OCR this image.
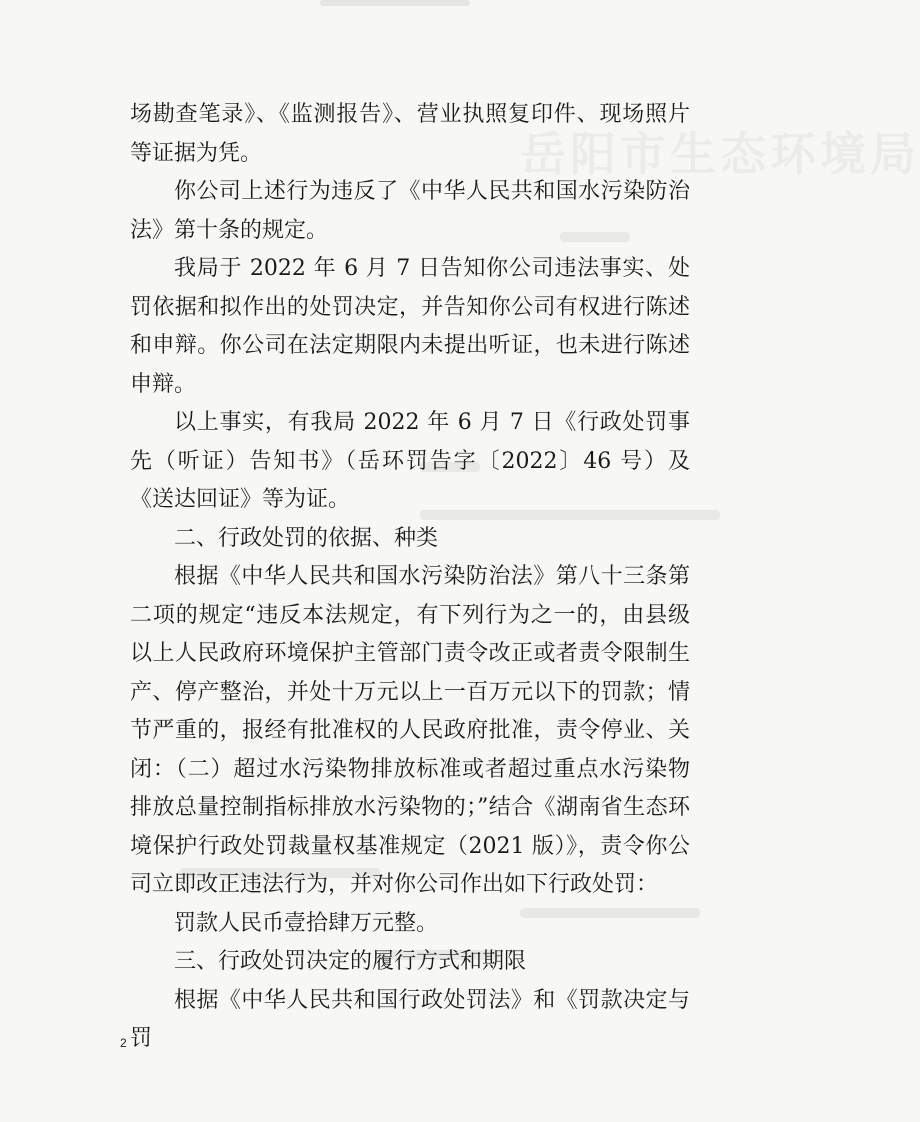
岳阳市生态环境局

场勘查笔录》、《监测报告》、营业执照复印件、现场照片等证据为凭。

你公司上述行为违反了《中华人民共和国水污染防治法》第十条的规定。

我局于 2022 年 6 月 7 日告知你公司违法事实、处罚依据和拟作出的处罚决定，并告知你公司有权进行陈述和申辩。你公司在法定期限内未提出听证，也未进行陈述申辩。

以上事实，有我局 2022 年 6 月 7 日《行政处罚事先（听证）告知书》（岳环罚告字〔2022〕46 号）及《送达回证》等为证。

二、行政处罚的依据、种类

根据《中华人民共和国水污染防治法》第八十三条第二项的规定“违反本法规定，有下列行为之一的，由县级以上人民政府环境保护主管部门责令改正或者责令限制生产、停产整治，并处十万元以上一百万元以下的罚款；情节严重的，报经有批准权的人民政府批准，责令停业、关闭：（二）超过水污染物排放标准或者超过重点水污染物排放总量控制指标排放水污染物的；”结合《湖南省生态环境保护行政处罚裁量权基准规定（2021 版）》，责令你公司立即改正违法行为，并对你公司作出如下行政处罚：

罚款人民币壹拾肆万元整。

三、行政处罚决定的履行方式和期限

根据《中华人民共和国行政处罚法》和《罚款决定与罚

2
